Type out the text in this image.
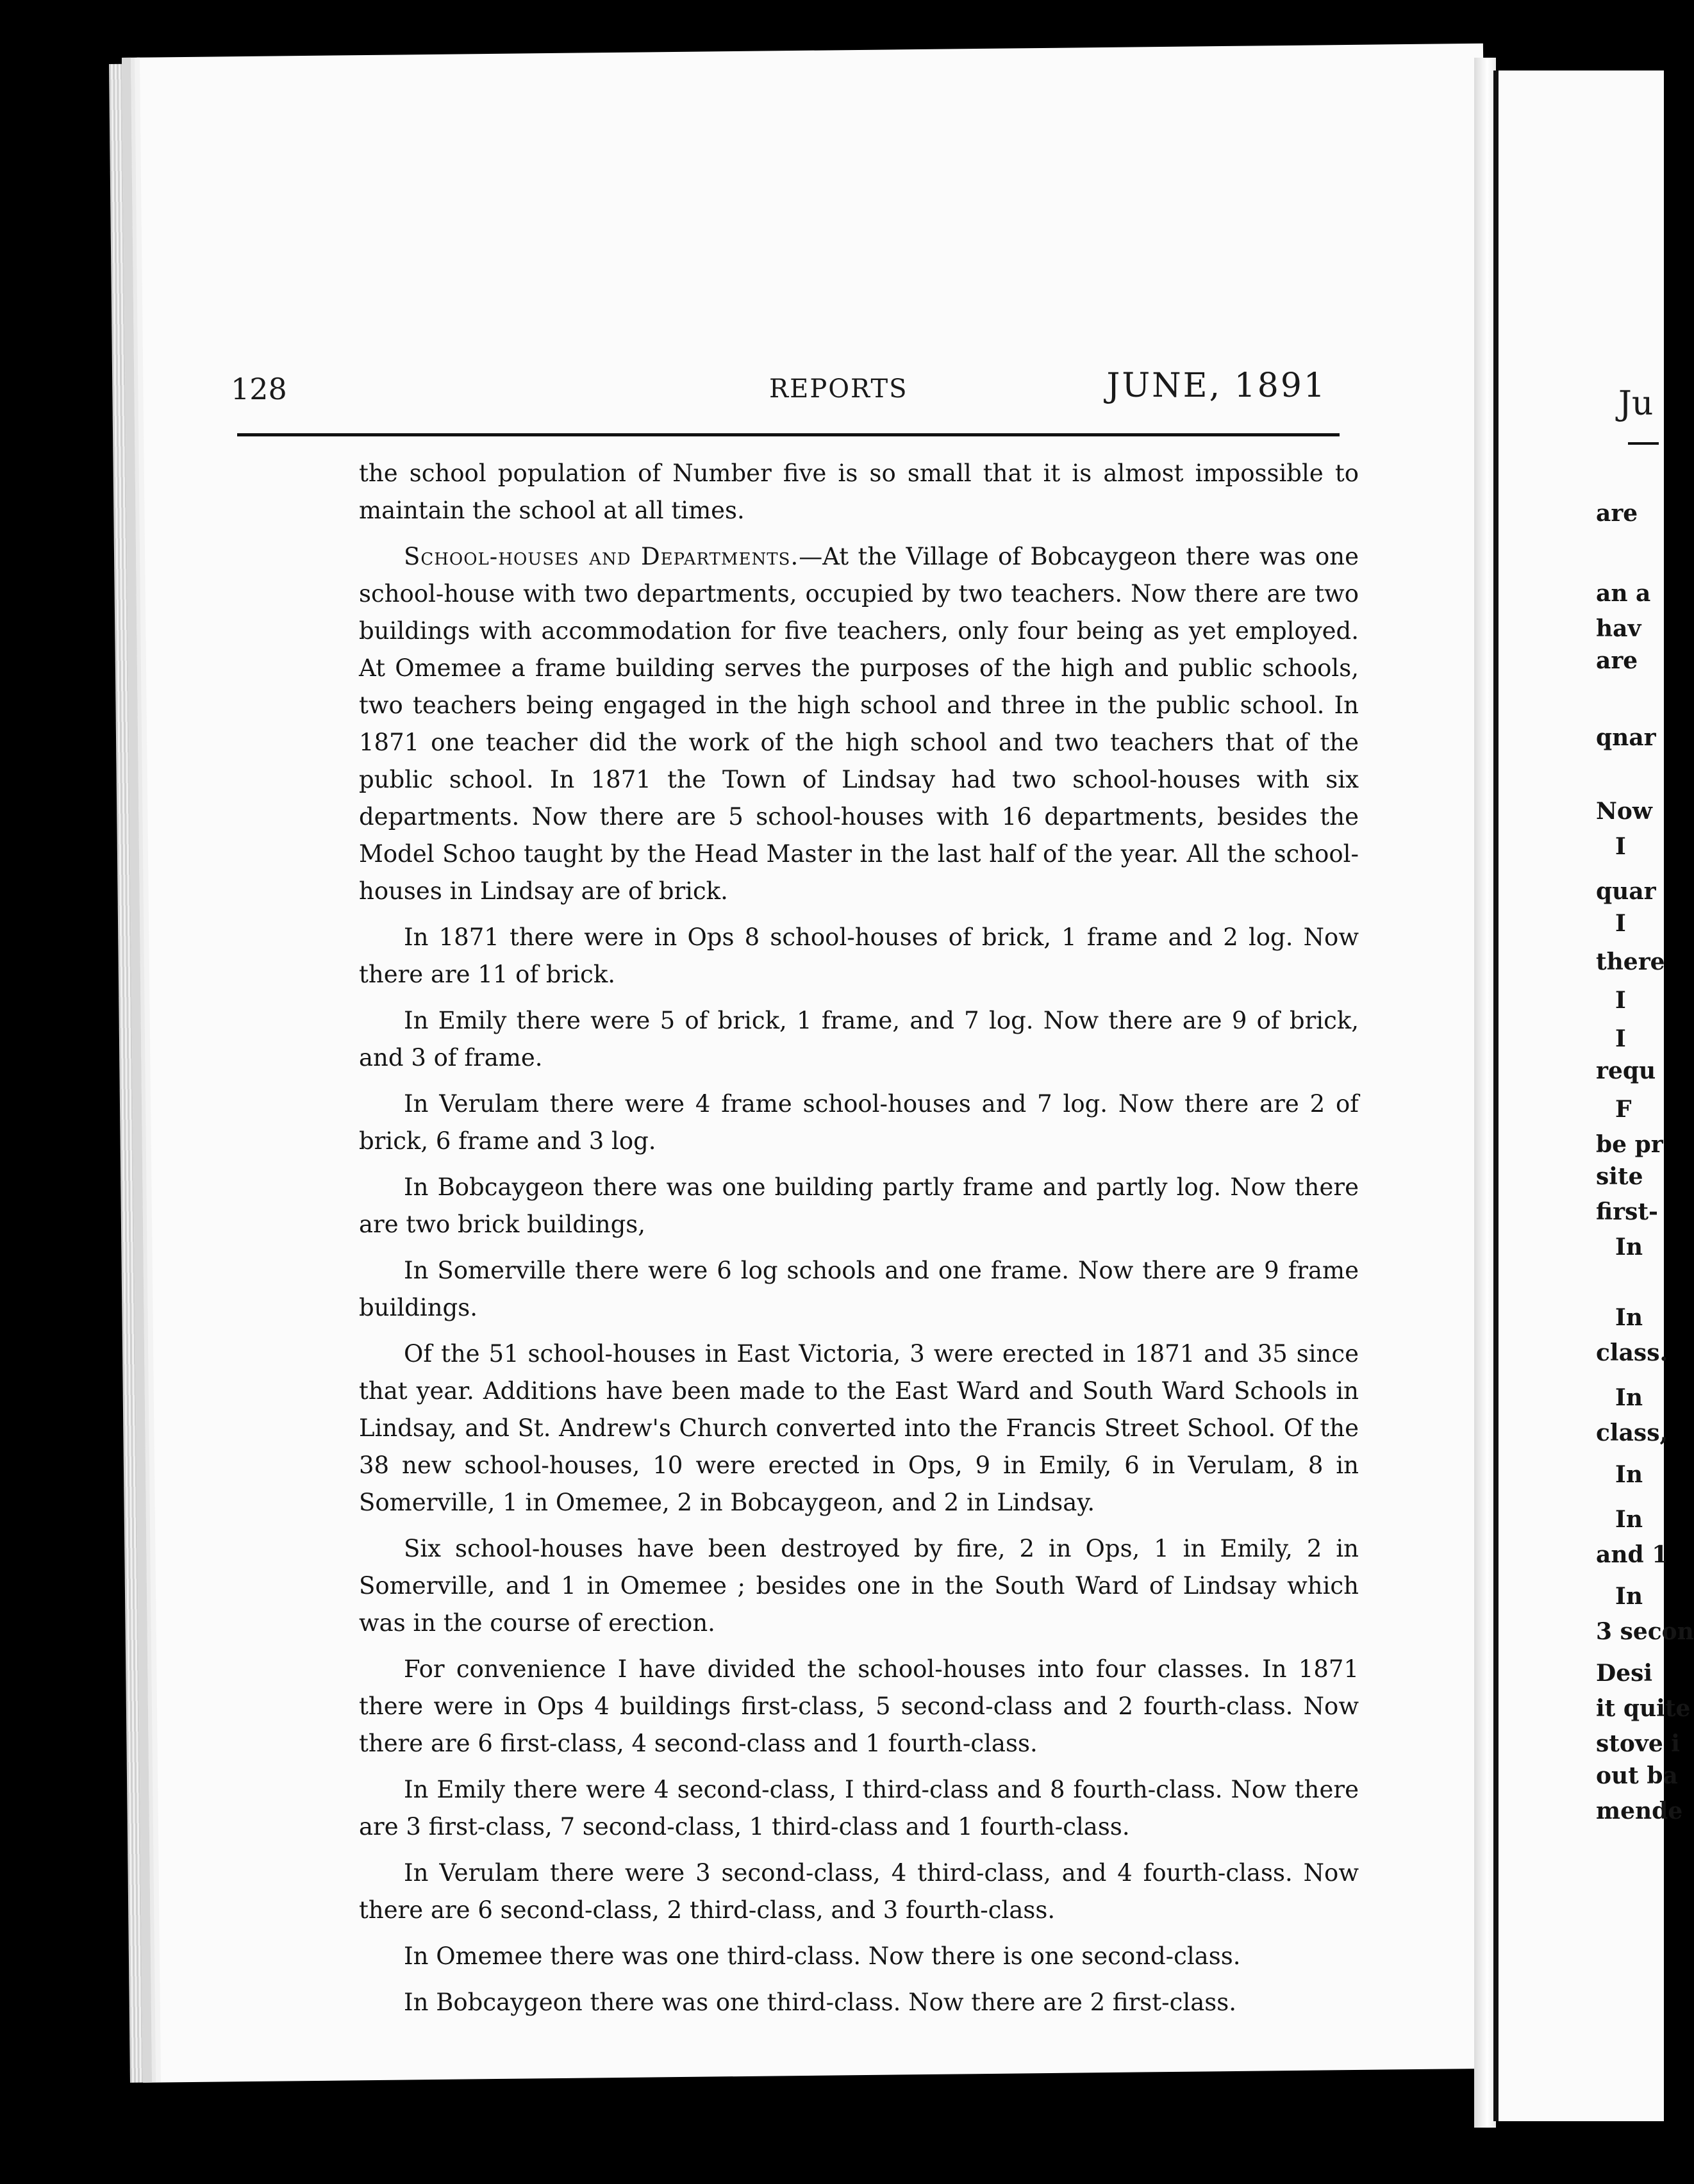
128	REPORTS	JUNE, 1891

the school population of Number five is so small that it is almost impossible to maintain the school at all times.

School-houses and Departments.—At the Village of Bobcaygeon there was one school-house with two departments, occupied by two teachers. Now there are two buildings with accommodation for five teachers, only four being as yet employed. At Omemee a frame building serves the purposes of the high and public schools, two teachers being engaged in the high school and three in the public school. In 1871 one teacher did the work of the high school and two teachers that of the public school. In 1871 the Town of Lindsay had two school-houses with six departments. Now there are 5 school-houses with 16 departments, besides the Model Schoo taught by the Head Master in the last half of the year. All the school-houses in Lindsay are of brick.

In 1871 there were in Ops 8 school-houses of brick, 1 frame and 2 log. Now there are 11 of brick.

In Emily there were 5 of brick, 1 frame, and 7 log. Now there are 9 of brick, and 3 of frame.

In Verulam there were 4 frame school-houses and 7 log. Now there are 2 of brick, 6 frame and 3 log.

In Bobcaygeon there was one building partly frame and partly log. Now there are two brick buildings,

In Somerville there were 6 log schools and one frame. Now there are 9 frame buildings.

Of the 51 school-houses in East Victoria, 3 were erected in 1871 and 35 since that year. Additions have been made to the East Ward and South Ward Schools in Lindsay, and St. Andrew's Church converted into the Francis Street School. Of the 38 new school-houses, 10 were erected in Ops, 9 in Emily, 6 in Verulam, 8 in Somerville, 1 in Omemee, 2 in Bobcaygeon, and 2 in Lindsay.

Six school-houses have been destroyed by fire, 2 in Ops, 1 in Emily, 2 in Somerville, and 1 in Omemee ; besides one in the South Ward of Lindsay which was in the course of erection.

For convenience I have divided the school-houses into four classes. In 1871 there were in Ops 4 buildings first-class, 5 second-class and 2 fourth-class. Now there are 6 first-class, 4 second-class and 1 fourth-class.

In Emily there were 4 second-class, I third-class and 8 fourth-class. Now there are 3 first-class, 7 second-class, 1 third-class and 1 fourth-class.

In Verulam there were 3 second-class, 4 third-class, and 4 fourth-class. Now there are 6 second-class, 2 third-class, and 3 fourth-class.

In Omemee there was one third-class. Now there is one second-class.

In Bobcaygeon there was one third-class. Now there are 2 first-class.

Ju
are
an a
hav
are
qnar
Now
I
quar
I
there
I
I
requ
F
be pr
site
first-
In
In
class.
In
class,
In
In
and 1
In
3 secon
Desi
it quite
stove i
out ba
mende
